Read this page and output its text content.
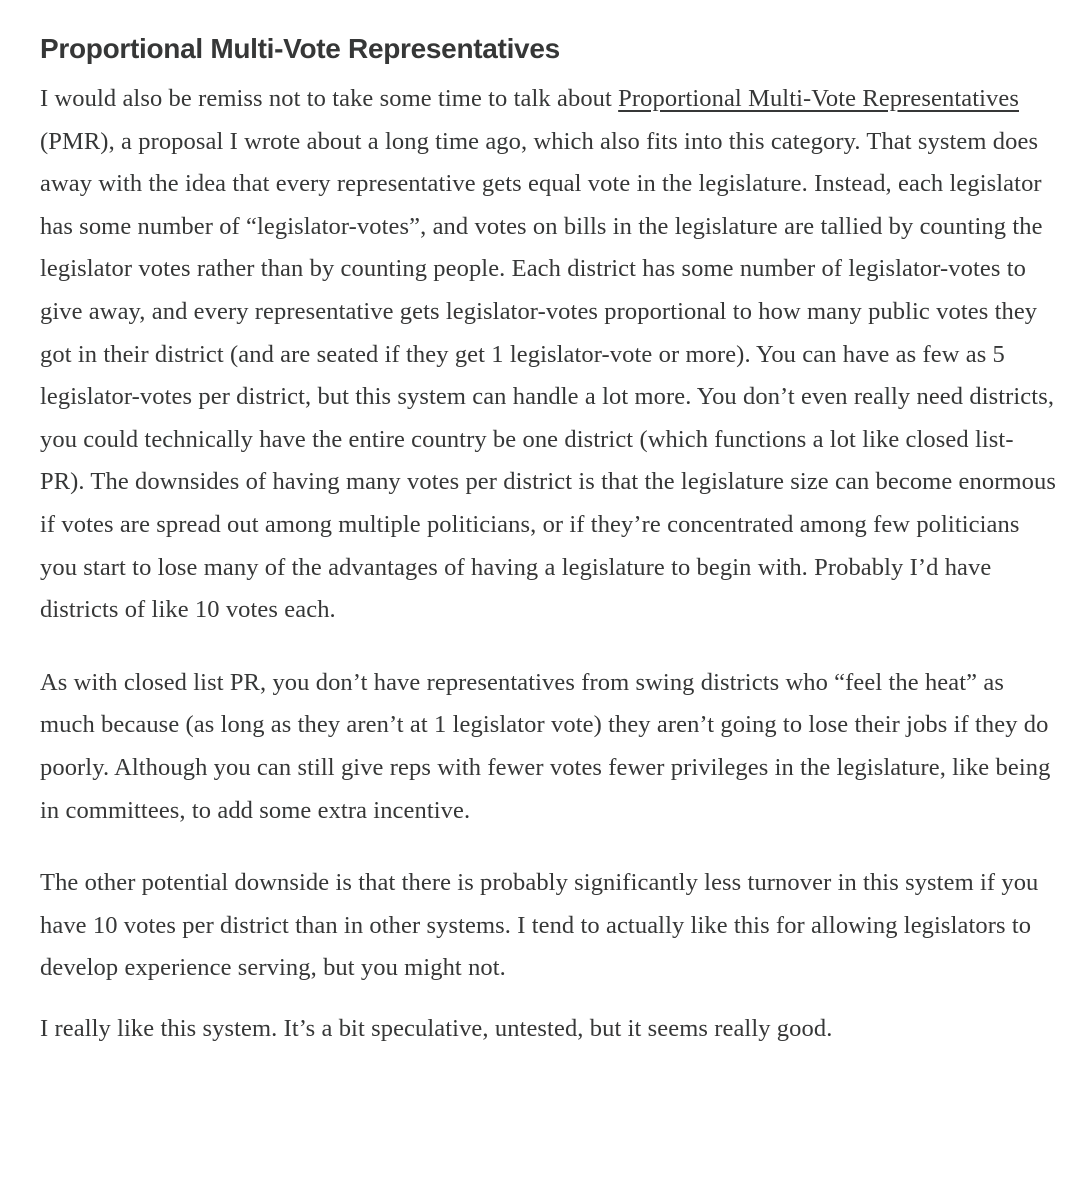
Proportional Multi-Vote Representatives

I would also be remiss not to take some time to talk about Proportional Multi-Vote Representatives (PMR), a proposal I wrote about a long time ago, which also fits into this category. That system does away with the idea that every representative gets equal vote in the legislature. Instead, each legislator has some number of “legislator-votes”, and votes on bills in the legislature are tallied by counting the legislator votes rather than by counting people. Each district has some number of legislator-votes to give away, and every representative gets legislator-votes proportional to how many public votes they got in their district (and are seated if they get 1 legislator-vote or more). You can have as few as 5 legislator-votes per district, but this system can handle a lot more. You don’t even really need districts, you could technically have the entire country be one district (which functions a lot like closed list-PR). The downsides of having many votes per district is that the legislature size can become enormous if votes are spread out among multiple politicians, or if they’re concentrated among few politicians you start to lose many of the advantages of having a legislature to begin with. Probably I’d have districts of like 10 votes each.

As with closed list PR, you don’t have representatives from swing districts who “feel the heat” as much because (as long as they aren’t at 1 legislator vote) they aren’t going to lose their jobs if they do poorly. Although you can still give reps with fewer votes fewer privileges in the legislature, like being in committees, to add some extra incentive.

The other potential downside is that there is probably significantly less turnover in this system if you have 10 votes per district than in other systems. I tend to actually like this for allowing legislators to develop experience serving, but you might not.

I really like this system. It’s a bit speculative, untested, but it seems really good.
